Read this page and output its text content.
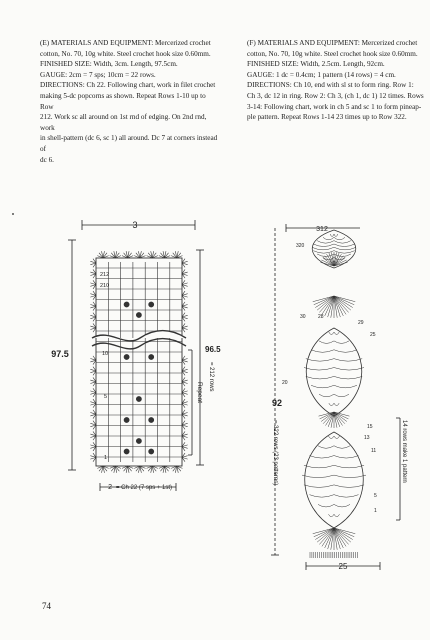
(E) MATERIALS AND EQUIPMENT: Mercerized crochet

cotton, No. 70, 10g white. Steel crochet hook size 0.60mm.

FINISHED SIZE: Width, 3cm. Length, 97.5cm.

GAUGE: 2cm = 7 sps; 10cm = 22 rows.

DIRECTIONS: Ch 22. Following chart, work in filet crochet

making 5-dc popcorns as shown. Repeat Rows 1-10 up to Row

212. Work sc all around on 1st rnd of edging. On 2nd rnd, work

in shell-pattern (dc 6, sc 1) all around. Dc 7 at corners instead of

dc 6.

(F) MATERIALS AND EQUIPMENT: Mercerized crochet

cotton, No. 70, 10g white. Steel crochet hook size 0.60mm.

FINISHED SIZE: Width, 2.5cm. Length, 92cm.

GAUGE: 1 dc = 0.4cm; 1 pattern (14 rows) = 4 cm.

DIRECTIONS: Ch 10, end with sl st to form ring. Row 1:

Ch 3, dc 12 in ring. Row 2: Ch 3, (ch 1, dc 1) 12 times. Rows

3-14: Following chart, work in ch 5 and sc 1 to form pineap-

ple pattern. Repeat Rows 1-14 23 times up to Row 322.

3
97.5	96.5
= 212 rows
Repeat
212
210
10
5
1
2 = Ch 22 (7 sps + 1st)
312
320
30 28
29
25
20
15
13
11
5
1
92
= 322 rows (23 patterns)	14 rows make 1 pattern
25
74
